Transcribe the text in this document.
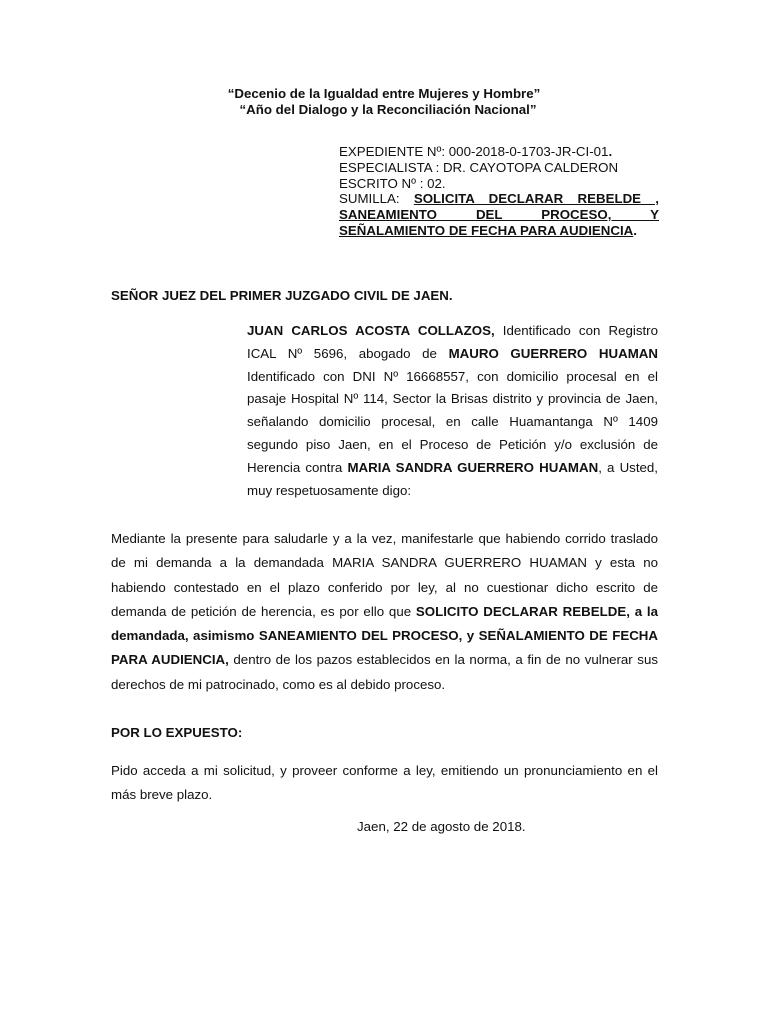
“Decenio de la Igualdad entre Mujeres y Hombre”
“Año del Dialogo y la Reconciliación Nacional”
EXPEDIENTE Nº: 000-2018-0-1703-JR-CI-01.
ESPECIALISTA : DR. CAYOTOPA CALDERON
ESCRITO Nº : 02.
SUMILLA: SOLICITA DECLARAR REBELDE , SANEAMIENTO DEL PROCESO, Y SEÑALAMIENTO DE FECHA PARA AUDIENCIA.
SEÑOR JUEZ DEL PRIMER JUZGADO CIVIL DE JAEN.
JUAN CARLOS ACOSTA COLLAZOS, Identificado con Registro ICAL Nº 5696, abogado de MAURO GUERRERO HUAMAN Identificado con DNI Nº 16668557, con domicilio procesal en el pasaje Hospital Nº 114, Sector la Brisas distrito y provincia de Jaen, señalando domicilio procesal, en calle Huamantanga Nº 1409 segundo piso Jaen, en el Proceso de Petición y/o exclusión de Herencia contra MARIA SANDRA GUERRERO HUAMAN, a Usted, muy respetuosamente digo:
Mediante la presente para saludarle y a la vez, manifestarle que habiendo corrido traslado de mi demanda a la demandada MARIA SANDRA GUERRERO HUAMAN y esta no habiendo contestado en el plazo conferido por ley, al no cuestionar dicho escrito de demanda de petición de herencia, es por ello que SOLICITO DECLARAR REBELDE, a la demandada, asimismo SANEAMIENTO DEL PROCESO, y SEÑALAMIENTO DE FECHA PARA AUDIENCIA, dentro de los pazos establecidos en la norma, a fin de no vulnerar sus derechos de mi patrocinado, como es al debido proceso.
POR LO EXPUESTO:
Pido acceda a mi solicitud, y proveer conforme a ley, emitiendo un pronunciamiento en el más breve plazo.
Jaen, 22 de agosto de 2018.
